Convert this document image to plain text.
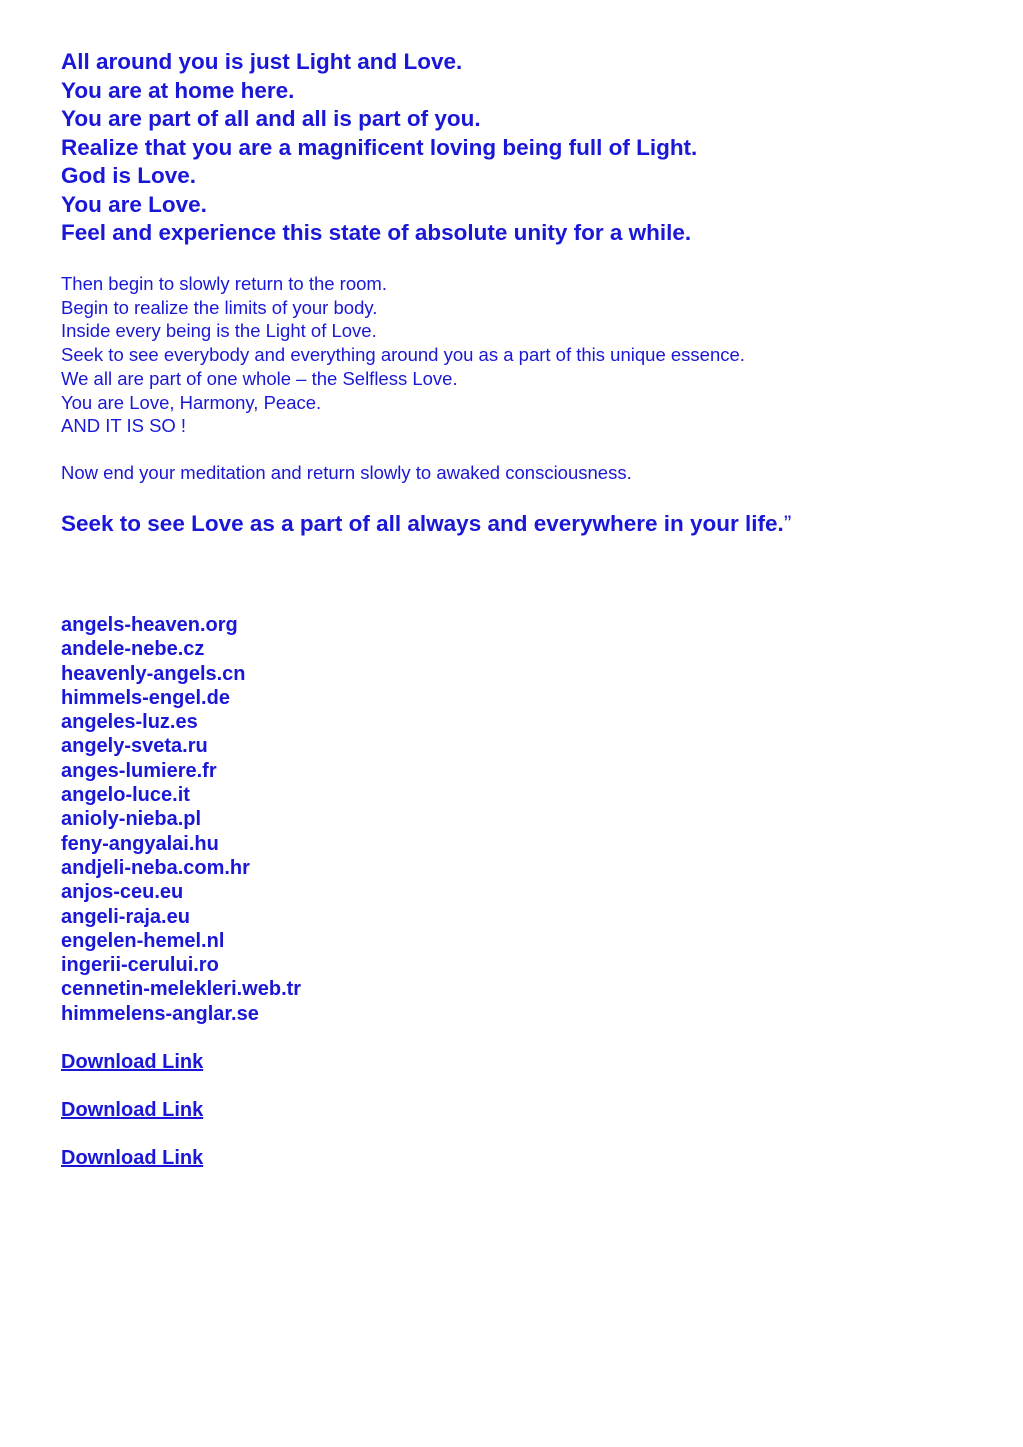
All around you is just Light and Love.
You are at home here.
You are part of all and all is part of you.
Realize that you are a magnificent loving being full of Light.
God is Love.
You are Love.
Feel and experience this state of absolute unity for a while.
Then begin to slowly return to the room.
Begin to realize the limits of your body.
Inside every being is the Light of Love.
Seek to see everybody and everything around you as a part of this unique essence.
We all are part of one whole – the Selfless Love.
You are Love, Harmony, Peace.
AND IT IS SO !
Now end your meditation and return slowly to awaked consciousness.
Seek to see Love as a part of all always and everywhere in your life.”
angels-heaven.org
andele-nebe.cz
heavenly-angels.cn
himmels-engel.de
angeles-luz.es
angely-sveta.ru
anges-lumiere.fr
angelo-luce.it
anioly-nieba.pl
feny-angyalai.hu
andjeli-neba.com.hr
anjos-ceu.eu
angeli-raja.eu
engelen-hemel.nl
ingerii-cerului.ro
cennetin-melekleri.web.tr
himmelens-anglar.se
Download Link
Download Link
Download Link
